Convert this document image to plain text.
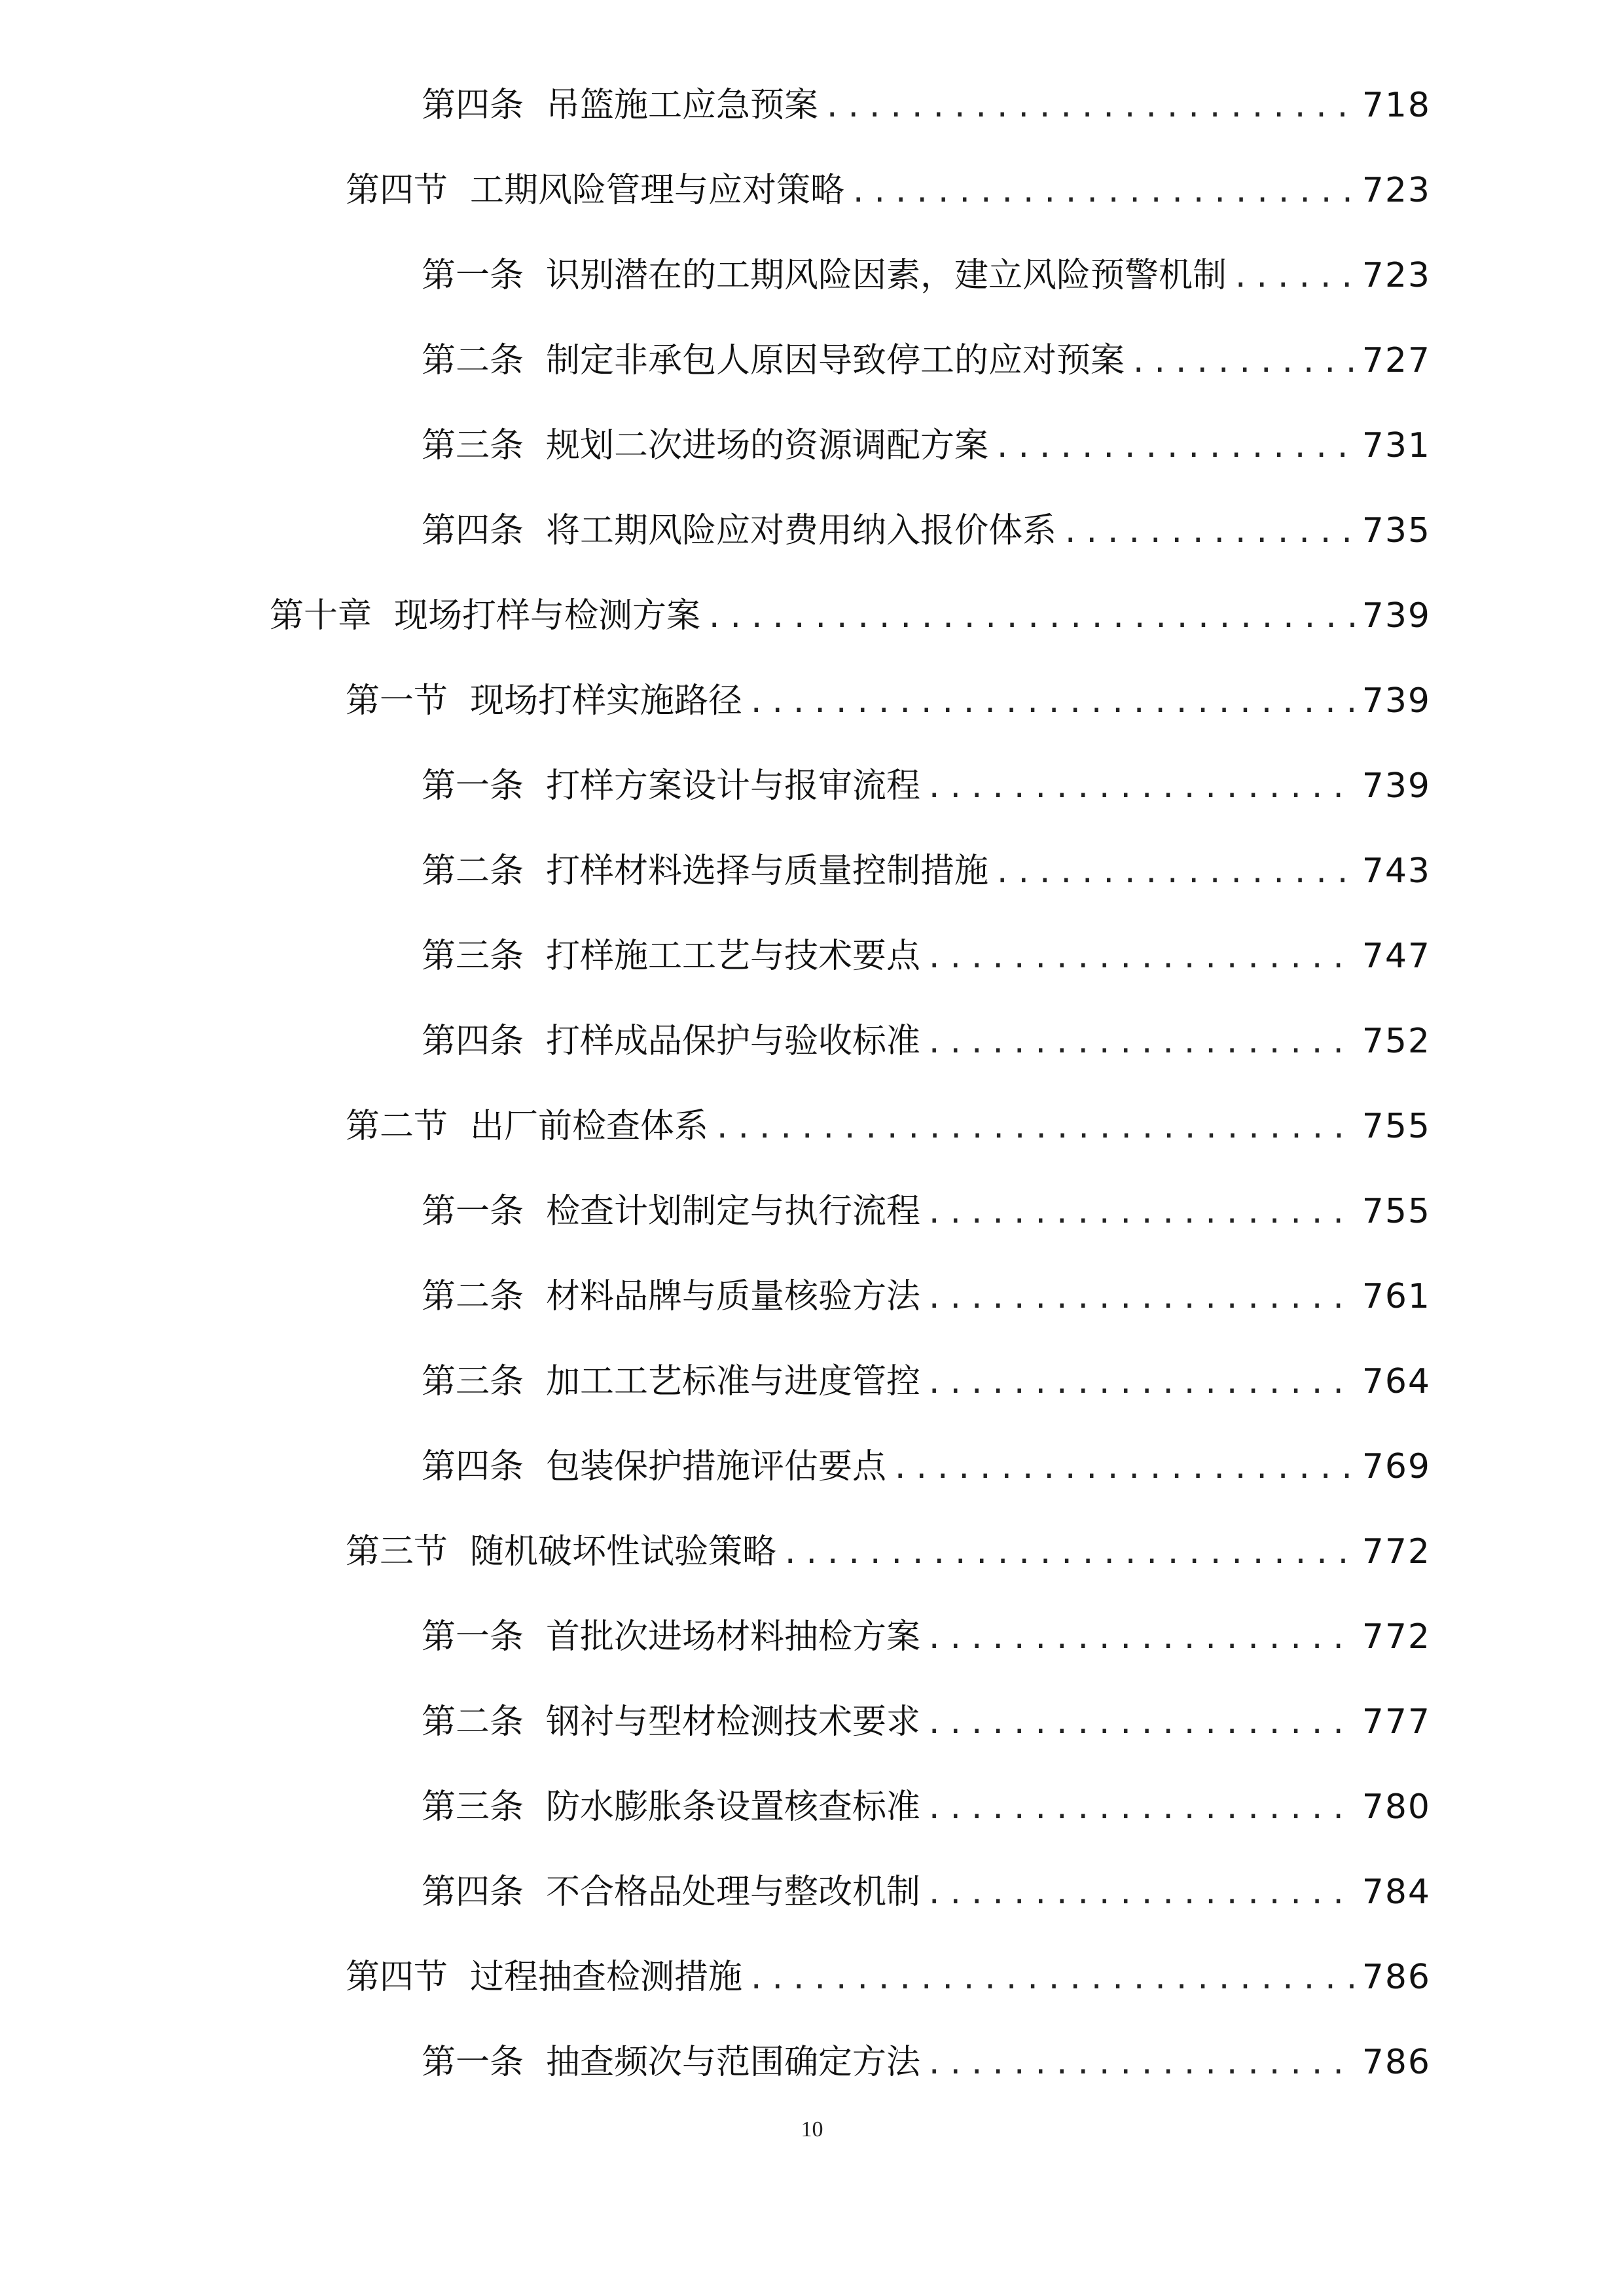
第四条 吊篮施工应急预案 .....	718
第四节 工期风险管理与应对策略 .....	723
第一条 识别潜在的工期风险因素，建立风险预警机制 .....	723
第二条 制定非承包人原因导致停工的应对预案 .....	727
第三条 规划二次进场的资源调配方案 .....	731
第四条 将工期风险应对费用纳入报价体系 .....	735
第十章 现场打样与检测方案 .....	739
第一节 现场打样实施路径 .....	739
第一条 打样方案设计与报审流程 .....	739
第二条 打样材料选择与质量控制措施 .....	743
第三条 打样施工工艺与技术要点 .....	747
第四条 打样成品保护与验收标准 .....	752
第二节 出厂前检查体系 .....	755
第一条 检查计划制定与执行流程 .....	755
第二条 材料品牌与质量核验方法 .....	761
第三条 加工工艺标准与进度管控 .....	764
第四条 包装保护措施评估要点 .....	769
第三节 随机破坏性试验策略 .....	772
第一条 首批次进场材料抽检方案 .....	772
第二条 钢衬与型材检测技术要求 .....	777
第三条 防水膨胀条设置核查标准 .....	780
第四条 不合格品处理与整改机制 .....	784
第四节 过程抽查检测措施 .....	786
第一条 抽查频次与范围确定方法 .....	786
10
